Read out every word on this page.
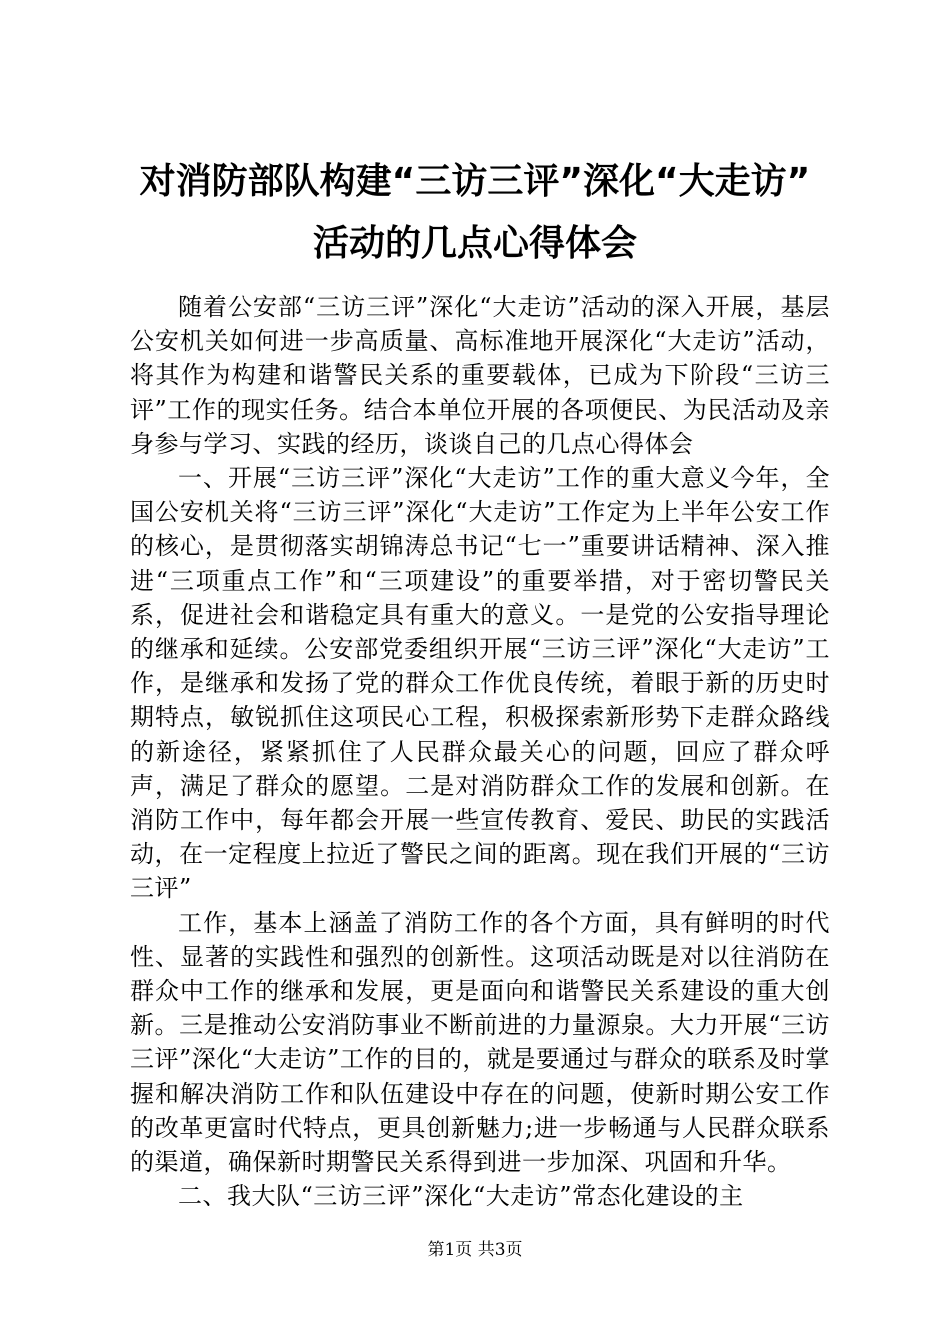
对消防部队构建“三访三评”深化“大走访”
活动的几点心得体会

随着公安部“三访三评”深化“大走访”活动的深入开展，基层公安机关如何进一步高质量、高标准地开展深化“大走访”活动，将其作为构建和谐警民关系的重要载体，已成为下阶段“三访三评”工作的现实任务。结合本单位开展的各项便民、为民活动及亲身参与学习、实践的经历，谈谈自己的几点心得体会

一、开展“三访三评”深化“大走访”工作的重大意义今年，全国公安机关将“三访三评”深化“大走访”工作定为上半年公安工作的核心，是贯彻落实胡锦涛总书记“七一”重要讲话精神、深入推进“三项重点工作”和“三项建设”的重要举措，对于密切警民关系，促进社会和谐稳定具有重大的意义。一是党的公安指导理论的继承和延续。公安部党委组织开展“三访三评”深化“大走访”工作，是继承和发扬了党的群众工作优良传统，着眼于新的历史时期特点，敏锐抓住这项民心工程，积极探索新形势下走群众路线的新途径，紧紧抓住了人民群众最关心的问题，回应了群众呼声，满足了群众的愿望。二是对消防群众工作的发展和创新。在消防工作中，每年都会开展一些宣传教育、爱民、助民的实践活动，在一定程度上拉近了警民之间的距离。现在我们开展的“三访三评”

工作，基本上涵盖了消防工作的各个方面，具有鲜明的时代性、显著的实践性和强烈的创新性。这项活动既是对以往消防在群众中工作的继承和发展，更是面向和谐警民关系建设的重大创新。三是推动公安消防事业不断前进的力量源泉。大力开展“三访三评”深化“大走访”工作的目的，就是要通过与群众的联系及时掌握和解决消防工作和队伍建设中存在的问题，使新时期公安工作的改革更富时代特点，更具创新魅力;进一步畅通与人民群众联系的渠道，确保新时期警民关系得到进一步加深、巩固和升华。

二、我大队“三访三评”深化“大走访”常态化建设的主

第1页 共3页
